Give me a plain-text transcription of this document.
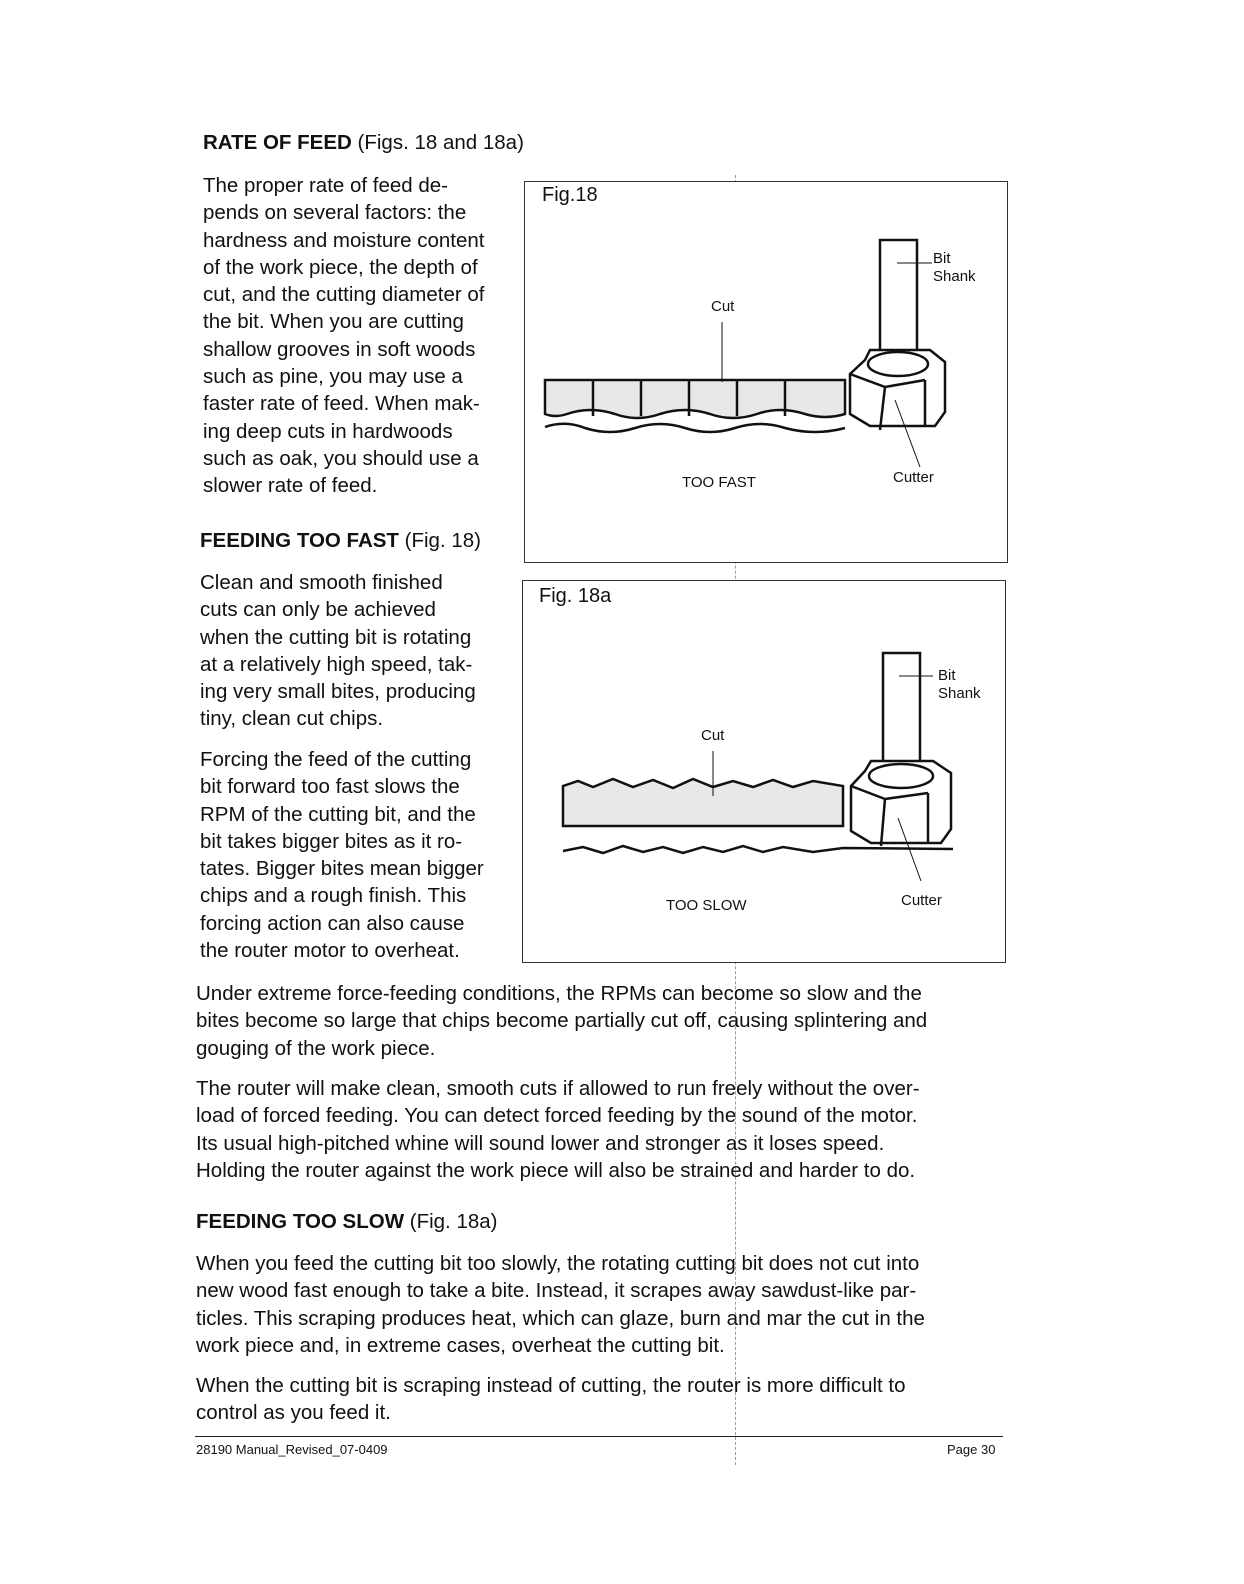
RATE OF FEED (Figs. 18 and 18a)
The proper rate of feed de-
pends on several factors: the
hardness and moisture content
of the work piece, the depth of
cut, and the cutting diameter of
the bit. When you are cutting
shallow grooves in soft woods
such as pine, you may use a
faster rate of feed. When mak-
ing deep cuts in hardwoods
such as oak, you should use a
slower rate of feed.
FEEDING TOO FAST (Fig. 18)
Clean and smooth finished
cuts can only be achieved
when the cutting bit is rotating
at a relatively high speed, tak-
ing very small bites, producing
tiny, clean cut chips.
Forcing the feed of the cutting
bit forward too fast slows the
RPM of the cutting bit, and the
bit takes bigger bites as it ro-
tates. Bigger bites mean bigger
chips and a rough finish. This
forcing action can also cause
the router motor to overheat.
Under extreme force-feeding conditions, the RPMs can become so slow and the
bites become so large that chips become partially cut off, causing splintering and
gouging of the work piece.
The router will make clean, smooth cuts if allowed to run freely without the over-
load of forced feeding. You can detect forced feeding by the sound of the motor.
Its usual high-pitched whine will sound lower and stronger as it loses speed.
Holding the router against the work piece will also be strained and harder to do.
FEEDING TOO SLOW (Fig. 18a)
When you feed the cutting bit too slowly, the rotating cutting bit does not cut into
new wood fast enough to take a bite. Instead, it scrapes away sawdust-like par-
ticles. This scraping produces heat, which can glaze, burn and mar the cut in the
work piece and, in extreme cases, overheat the cutting bit.
When the cutting bit is scraping instead of cutting, the router is more difficult to
control as you feed it.
Fig.18
Bit
Shank
Cut
TOO FAST	Cutter
Fig. 18a
Bit
Shank
Cut
TOO SLOW	Cutter
28190 Manual_Revised_07-0409	Page 30
